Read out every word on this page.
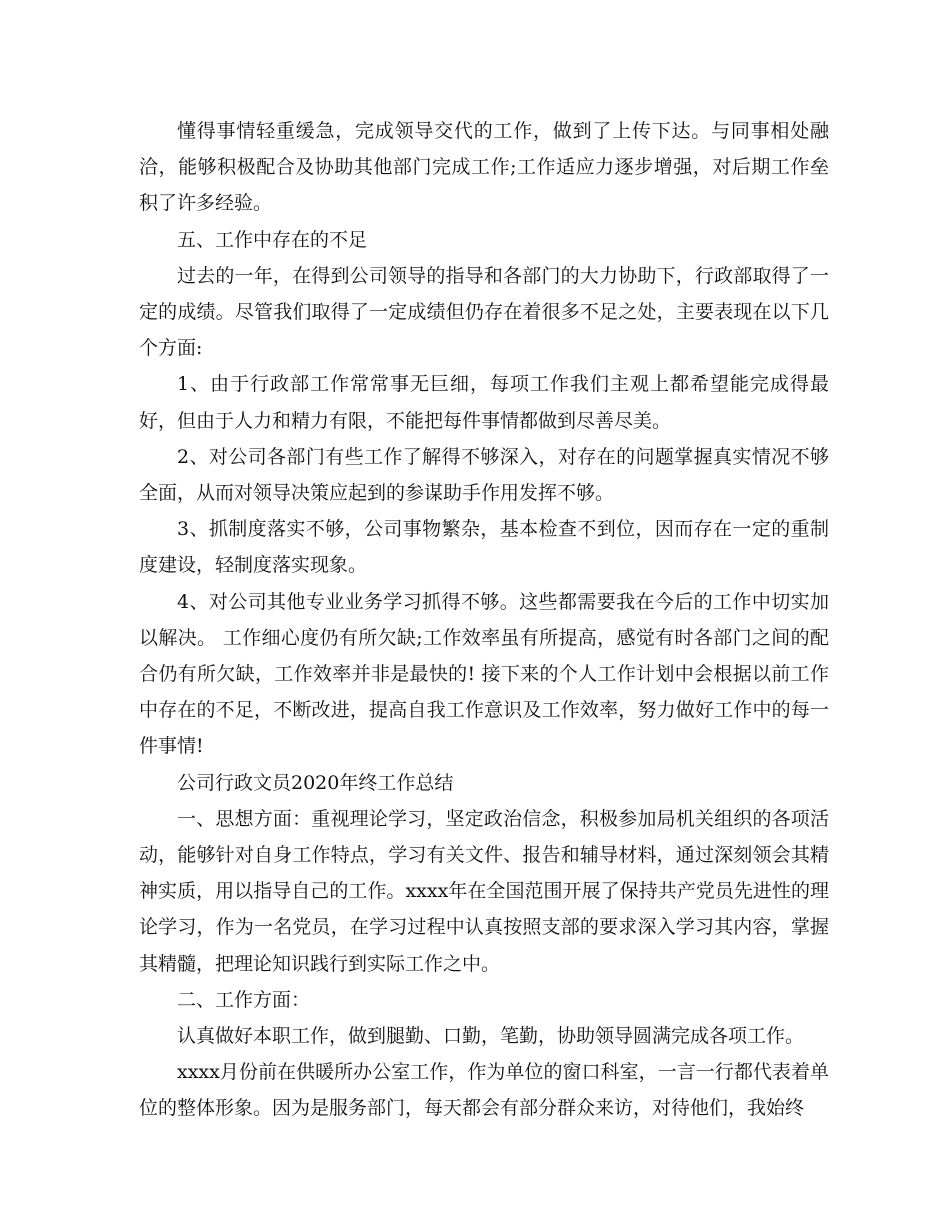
懂得事情轻重缓急，完成领导交代的工作，做到了上传下达。与同事相处融洽，能够积极配合及协助其他部门完成工作;工作适应力逐步增强，对后期工作垒积了许多经验。

五、工作中存在的不足

过去的一年，在得到公司领导的指导和各部门的大力协助下，行政部取得了一定的成绩。尽管我们取得了一定成绩但仍存在着很多不足之处，主要表现在以下几个方面:

1、由于行政部工作常常事无巨细，每项工作我们主观上都希望能完成得最好，但由于人力和精力有限，不能把每件事情都做到尽善尽美。

2、对公司各部门有些工作了解得不够深入，对存在的问题掌握真实情况不够全面，从而对领导决策应起到的参谋助手作用发挥不够。

3、抓制度落实不够，公司事物繁杂，基本检查不到位，因而存在一定的重制度建设，轻制度落实现象。

4、对公司其他专业业务学习抓得不够。这些都需要我在今后的工作中切实加以解决。 工作细心度仍有所欠缺;工作效率虽有所提高，感觉有时各部门之间的配合仍有所欠缺，工作效率并非是最快的! 接下来的个人工作计划中会根据以前工作中存在的不足，不断改进，提高自我工作意识及工作效率，努力做好工作中的每一件事情!

公司行政文员2020年终工作总结

一、思想方面：重视理论学习，坚定政治信念，积极参加局机关组织的各项活动，能够针对自身工作特点，学习有关文件、报告和辅导材料，通过深刻领会其精神实质，用以指导自己的工作。xxxx年在全国范围开展了保持共产党员先进性的理论学习，作为一名党员，在学习过程中认真按照支部的要求深入学习其内容，掌握其精髓，把理论知识践行到实际工作之中。

二、工作方面：

认真做好本职工作，做到腿勤、口勤，笔勤，协助领导圆满完成各项工作。

xxxx月份前在供暖所办公室工作，作为单位的窗口科室，一言一行都代表着单位的整体形象。因为是服务部门，每天都会有部分群众来访，对待他们，我始终
